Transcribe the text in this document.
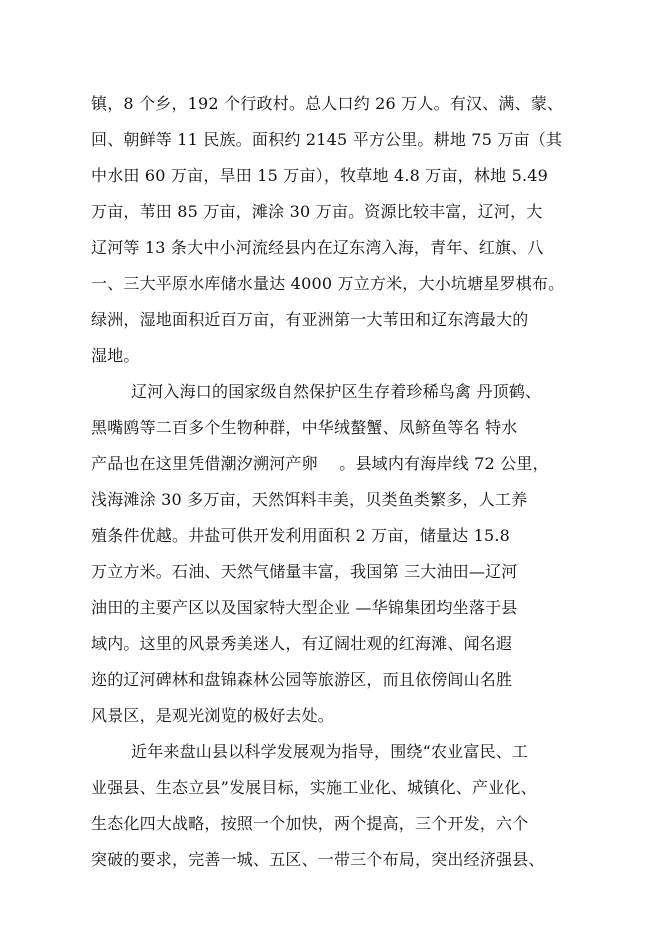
镇，8 个乡，192 个行政村。总人口约 26 万人。有汉、满、蒙、
回、朝鲜等 11 民族。面积约 2145 平方公里。耕地 75 万亩（其
中水田 60 万亩，旱田 15 万亩），牧草地 4.8 万亩，林地 5.49
万亩，苇田 85 万亩，滩涂 30 万亩。资源比较丰富，辽河，大
辽河等 13 条大中小河流经县内在辽东湾入海，青年、红旗、八
一、三大平原水库储水量达 4000 万立方米，大小坑塘星罗棋布。
绿洲，湿地面积近百万亩，有亚洲第一大苇田和辽东湾最大的
湿地。
辽河入海口的国家级自然保护区生存着珍稀鸟禽 丹顶鹤、
黑嘴鸥等二百多个生物种群，中华绒螯蟹、凤鲚鱼等名 特水
产品也在这里凭借潮汐溯河产卵 　。县域内有海岸线 72 公里，
浅海滩涂 30 多万亩，天然饵料丰美，贝类鱼类繁多，人工养
殖条件优越。井盐可供开发利用面积 2 万亩，储量达 15.8
万立方米。石油、天然气储量丰富，我国第 三大油田—辽河
油田的主要产区以及国家特大型企业 —华锦集团均坐落于县
域内。这里的风景秀美迷人，有辽阔壮观的红海滩、闻名遐
迩的辽河碑林和盘锦森林公园等旅游区，而且依傍闾山名胜
风景区，是观光浏览的极好去处。
近年来盘山县以科学发展观为指导，围绕“农业富民、工
业强县、生态立县”发展目标，实施工业化、城镇化、产业化、
生态化四大战略，按照一个加快，两个提高，三个开发，六个
突破的要求，完善一城、五区、一带三个布局，突出经济强县、
